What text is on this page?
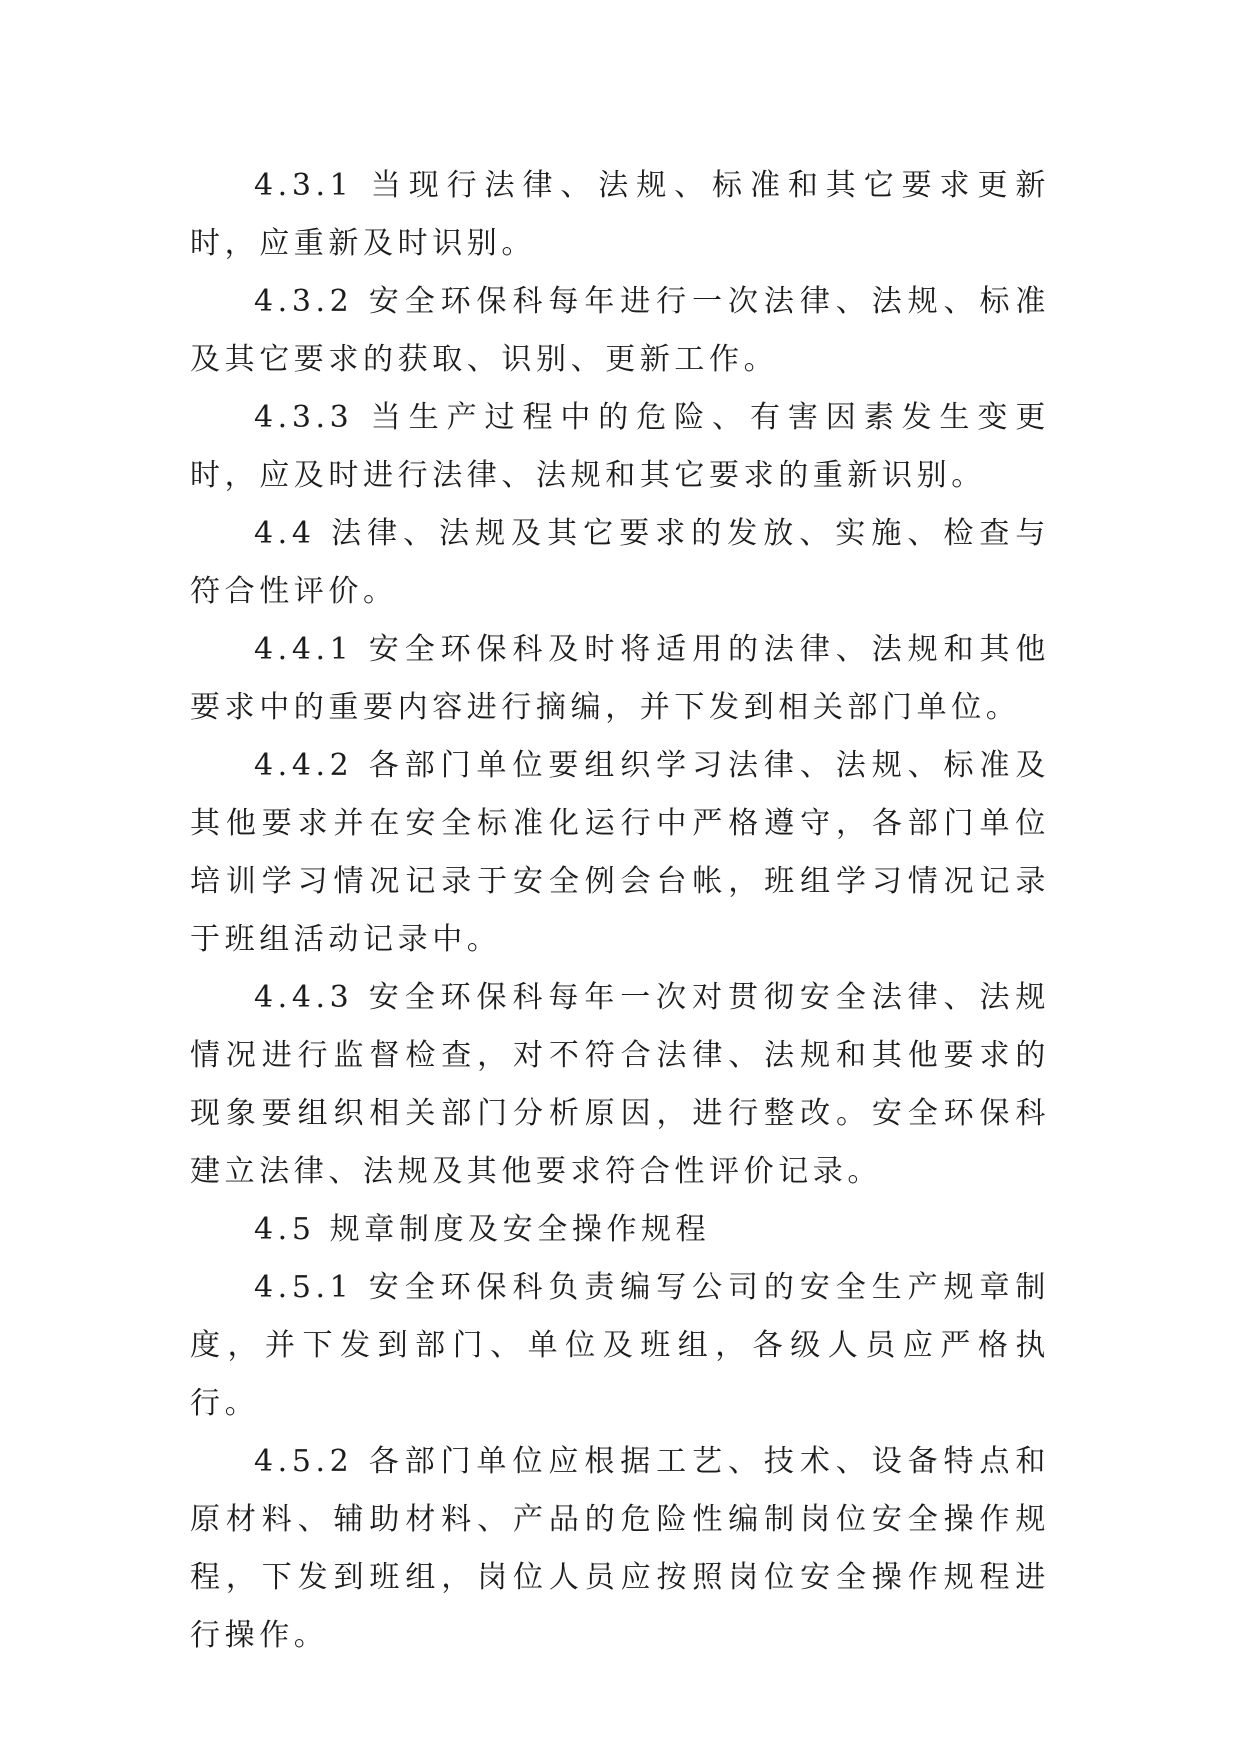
4.3.1 当现行法律、法规、标准和其它要求更新时，应重新及时识别。

4.3.2 安全环保科每年进行一次法律、法规、标准及其它要求的获取、识别、更新工作。

4.3.3 当生产过程中的危险、有害因素发生变更时，应及时进行法律、法规和其它要求的重新识别。

4.4 法律、法规及其它要求的发放、实施、检查与符合性评价。

4.4.1 安全环保科及时将适用的法律、法规和其他要求中的重要内容进行摘编，并下发到相关部门单位。

4.4.2 各部门单位要组织学习法律、法规、标准及其他要求并在安全标准化运行中严格遵守，各部门单位培训学习情况记录于安全例会台帐，班组学习情况记录于班组活动记录中。

4.4.3 安全环保科每年一次对贯彻安全法律、法规情况进行监督检查，对不符合法律、法规和其他要求的现象要组织相关部门分析原因，进行整改。安全环保科建立法律、法规及其他要求符合性评价记录。

4.5 规章制度及安全操作规程

4.5.1 安全环保科负责编写公司的安全生产规章制度，并下发到部门、单位及班组，各级人员应严格执行。

4.5.2 各部门单位应根据工艺、技术、设备特点和原材料、辅助材料、产品的危险性编制岗位安全操作规程，下发到班组，岗位人员应按照岗位安全操作规程进行操作。
